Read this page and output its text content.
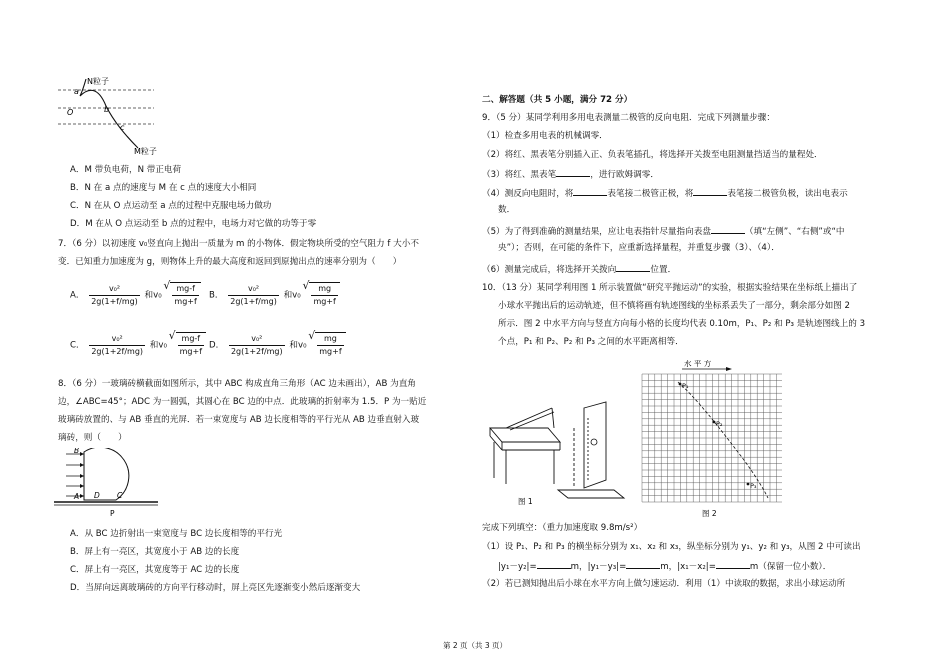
N粒子
a
O	b
c
M粒子
A．M 带负电荷，N 带正电荷
B．N 在 a 点的速度与 M 在 c 点的速度大小相同
C．N 在从 O 点运动至 a 点的过程中克服电场力做功
D．M 在从 O 点运动至 b 点的过程中，电场力对它做的功等于零
7．（6 分）以初速度 v₀竖直向上抛出一质量为 m 的小物体．假定物块所受的空气阻力 f 大小不
变．已知重力加速度为 g，则物体上升的最大高度和返回到原抛出点的速率分别为（　　）
A． $\frac{\text{v₀²}}{2g(1+f/mg)}$ 和v₀ √ $\frac{mg-f}{mg+f}$ B． $\frac{\text{v₀²}}{2g(1+f/mg)}$ 和v₀ √ $\frac{mg}{mg+f}$
C． $\frac{\text{v₀²}}{2g(1+2f/mg)}$ 和v₀ √ $\frac{mg-f}{mg+f}$ D． $\frac{\text{v₀²}}{2g(1+2f/mg)}$ 和v₀ √ $\frac{mg}{mg+f}$
8．（6 分）一玻璃砖横截面如图所示，其中 ABC 构成直角三角形（AC 边未画出），AB 为直角
边，∠ABC=45°；ADC 为一圆弧，其圆心在 BC 边的中点．此玻璃的折射率为 1.5．P 为一贴近
玻璃砖放置的、与 AB 垂直的光屏．若一束宽度与 AB 边长度相等的平行光从 AB 边垂直射入玻
璃砖，则（　　）
B
A D C
P
A．从 BC 边折射出一束宽度与 BC 边长度相等的平行光
B．屏上有一亮区，其宽度小于 AB 边的长度
C．屏上有一亮区，其宽度等于 AC 边的长度
D．当屏向远离玻璃砖的方向平行移动时，屏上亮区先逐渐变小然后逐渐变大
二、解答题（共 5 小题，满分 72 分）
9．（5 分）某同学利用多用电表测量二极管的反向电阻．完成下列测量步骤：
（1）检查多用电表的机械调零．
（2）将红、黑表笔分别插入正、负表笔插孔，将选择开关拨至电阻测量挡适当的量程处．
（3）将红、黑表笔	，进行欧姆调零．
（4）测反向电阻时，将	表笔接二极管正极，将	表笔接二极管负极，读出电表示
数．
（5）为了得到准确的测量结果，应让电表指针尽量指向表盘	（填“左侧”、“右侧”或“中
央”）；否则，在可能的条件下，应重新选择量程，并重复步骤（3）、（4）．
（6）测量完成后，将选择开关拨向	位置．
10．（13 分）某同学利用图 1 所示装置做“研究平抛运动”的实验，根据实验结果在坐标纸上描出了
小球水平抛出后的运动轨迹，但不慎将画有轨迹图线的坐标系丢失了一部分，剩余部分如图 2
所示．图 2 中水平方向与竖直方向每小格的长度均代表 0.10m，P₁、P₂ 和 P₃ 是轨迹图线上的 3
个点，P₁ 和 P₂、P₂ 和 P₃ 之间的水平距离相等．
图 1
水 平 方
P₁
P₂
P₃
图 2
完成下列填空：（重力加速度取 9.8m/s²）
（1）设 P₁、P₂ 和 P₃ 的横坐标分别为 x₁、x₂ 和 x₃，纵坐标分别为 y₁、y₂ 和 y₃，从图 2 中可读出
|y₁－y₂|=	m，|y₁－y₃|=	m，|x₁－x₂|=	m（保留一位小数）．
（2）若已测知抛出后小球在水平方向上做匀速运动．利用（1）中读取的数据，求出小球运动所
第 2 页（共 3 页）
